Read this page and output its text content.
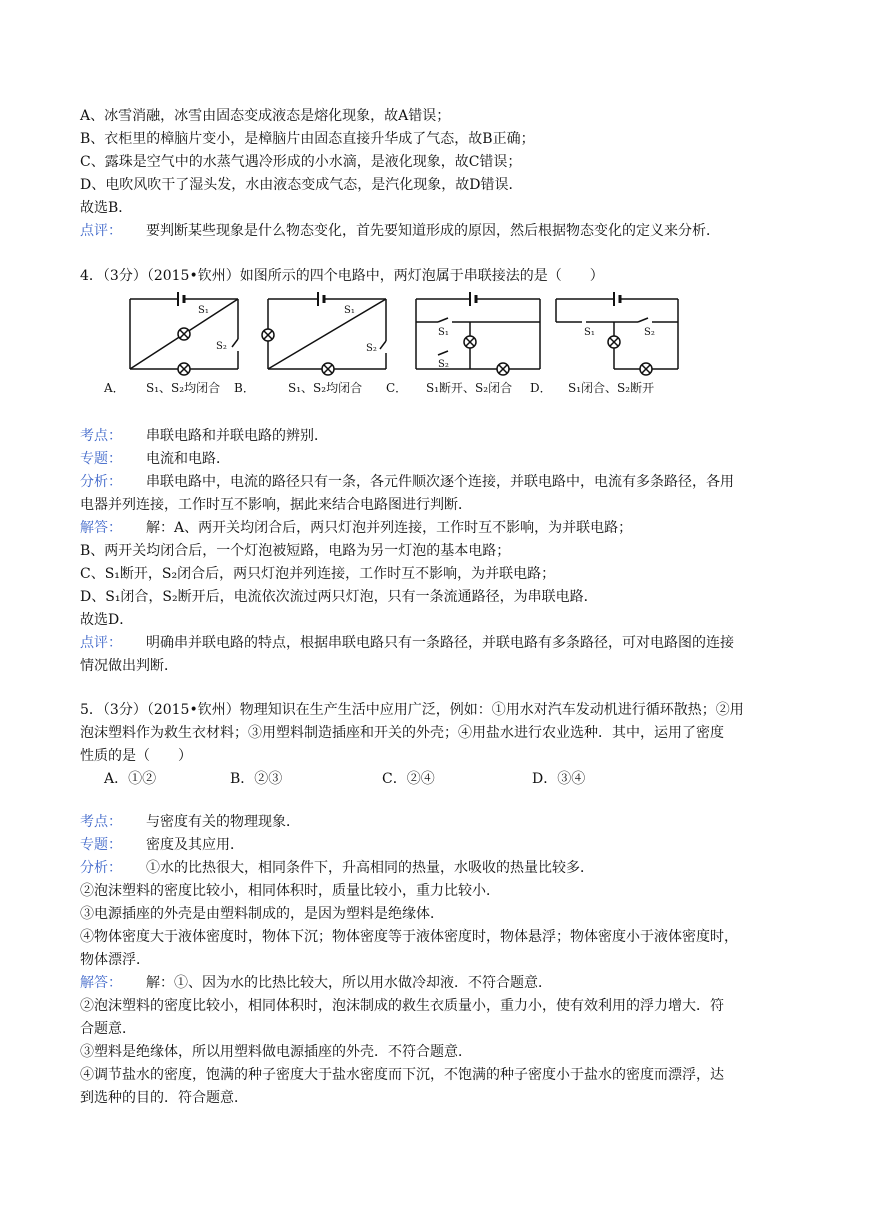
A、冰雪消融，冰雪由固态变成液态是熔化现象，故A错误；
B、衣柜里的樟脑片变小，是樟脑片由固态直接升华成了气态，故B正确；
C、露珠是空气中的水蒸气遇冷形成的小水滴，是液化现象，故C错误；
D、电吹风吹干了湿头发，水由液态变成气态，是汽化现象，故D错误．
故选B．
点评： 要判断某些现象是什么物态变化，首先要知道形成的原因，然后根据物态变化的定义来分析．
4．（3分）（2015•钦州）如图所示的四个电路中，两灯泡属于串联接法的是（　　）
S₁
S₂
S₁
S₂
S₁
S₂
S₁	S₂
A． S₁、S₂均闭合 B．	S₁、S₂均闭合 C． S₁断开、S₂闭合 D． S₁闭合、S₂断开
考点： 串联电路和并联电路的辨别．
专题： 电流和电路．
分析： 串联电路中，电流的路径只有一条，各元件顺次逐个连接，并联电路中，电流有多条路径，各用
电器并列连接，工作时互不影响，据此来结合电路图进行判断．
解答： 解：A、两开关均闭合后，两只灯泡并列连接，工作时互不影响，为并联电路；
B、两开关均闭合后，一个灯泡被短路，电路为另一灯泡的基本电路；
C、S₁断开，S₂闭合后，两只灯泡并列连接，工作时互不影响，为并联电路；
D、S₁闭合，S₂断开后，电流依次流过两只灯泡，只有一条流通路径，为串联电路．
故选D．
点评： 明确串并联电路的特点，根据串联电路只有一条路径，并联电路有多条路径，可对电路图的连接
情况做出判断．
5．（3分）（2015•钦州）物理知识在生产生活中应用广泛，例如：①用水对汽车发动机进行循环散热；②用
泡沫塑料作为救生衣材料；③用塑料制造插座和开关的外壳；④用盐水进行农业选种．其中，运用了密度
性质的是（　　）
A．①②	B．②③	C．②④	D．③④
考点： 与密度有关的物理现象．
专题： 密度及其应用．
分析： ①水的比热很大，相同条件下，升高相同的热量，水吸收的热量比较多．
②泡沫塑料的密度比较小，相同体积时，质量比较小，重力比较小．
③电源插座的外壳是由塑料制成的，是因为塑料是绝缘体．
④物体密度大于液体密度时，物体下沉；物体密度等于液体密度时，物体悬浮；物体密度小于液体密度时，
物体漂浮．
解答： 解：①、因为水的比热比较大，所以用水做冷却液．不符合题意．
②泡沫塑料的密度比较小，相同体积时，泡沫制成的救生衣质量小，重力小，使有效利用的浮力增大．符
合题意．
③塑料是绝缘体，所以用塑料做电源插座的外壳．不符合题意．
④调节盐水的密度，饱满的种子密度大于盐水密度而下沉，不饱满的种子密度小于盐水的密度而漂浮，达
到选种的目的．符合题意．
